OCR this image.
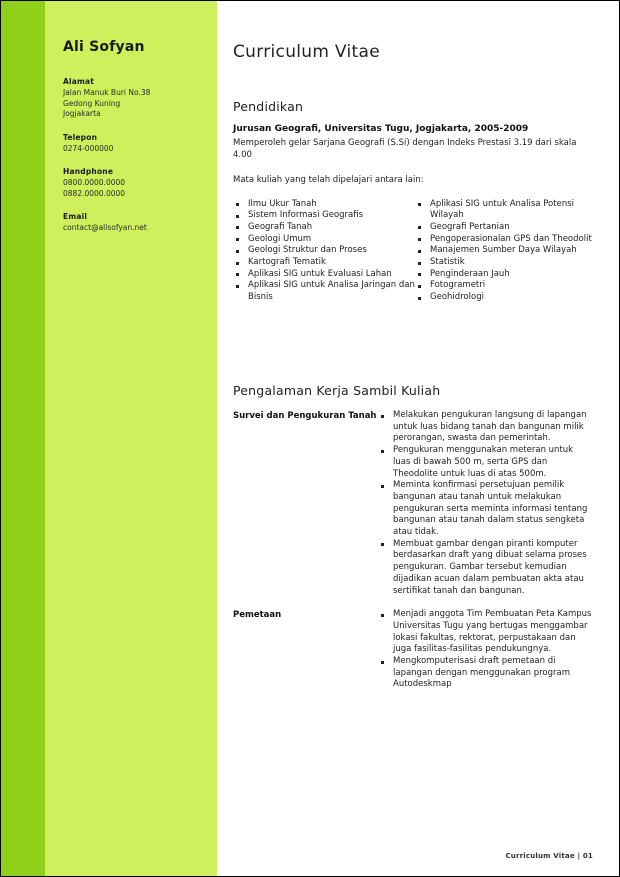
Ali Sofyan
Alamat
Jalan Manuk Buri No.38
Gedong Kuning
Jogjakarta
Telepon
0274-000000
Handphone
0800.0000.0000
0882.0000.0000
Email
contact@alisofyan.net
Curriculum Vitae
Pendidikan
Jurusan Geografi, Universitas Tugu, Jogjakarta, 2005-2009
Memperoleh gelar Sarjana Geografi (S.Si) dengan Indeks Prestasi 3.19 dari skala 4.00
Mata kuliah yang telah dipelajari antara lain:
Ilmu Ukur Tanah
Sistem Informasi Geografis
Geografi Tanah
Geologi Umum
Geologi Struktur dan Proses
Kartografi Tematik
Aplikasi SIG untuk Evaluasi Lahan
Aplikasi SIG untuk Analisa Jaringan dan Bisnis
Aplikasi SIG untuk Analisa Potensi Wilayah
Geografi Pertanian
Pengoperasionalan GPS dan Theodolit
Manajemen Sumber Daya Wilayah
Statistik
Penginderaan Jauh
Fotogrametri
Geohidrologi
Pengalaman Kerja Sambil Kuliah
Survei dan Pengukuran Tanah	Melakukan pengukuran langsung di lapangan untuk luas bidang tanah dan bangunan milik perorangan, swasta dan pemerintah.
Pengukuran menggunakan meteran untuk luas di bawah 500 m, serta GPS dan Theodolite untuk luas di atas 500m.
Meminta konfirmasi persetujuan pemilik bangunan atau tanah untuk melakukan pengukuran serta meminta informasi tentang bangunan atau tanah dalam status sengketa atau tidak.
Membuat gambar dengan piranti komputer berdasarkan draft yang dibuat selama proses pengukuran. Gambar tersebut kemudian dijadikan acuan dalam pembuatan akta atau sertifikat tanah dan bangunan.
Pemetaan	Menjadi anggota Tim Pembuatan Peta Kampus Universitas Tugu yang bertugas menggambar lokasi fakultas, rektorat, perpustakaan dan juga fasilitas-fasilitas pendukungnya.
Mengkomputerisasi draft pemetaan di lapangan dengan menggunakan program Autodeskmap
Curriculum Vitae | 01
